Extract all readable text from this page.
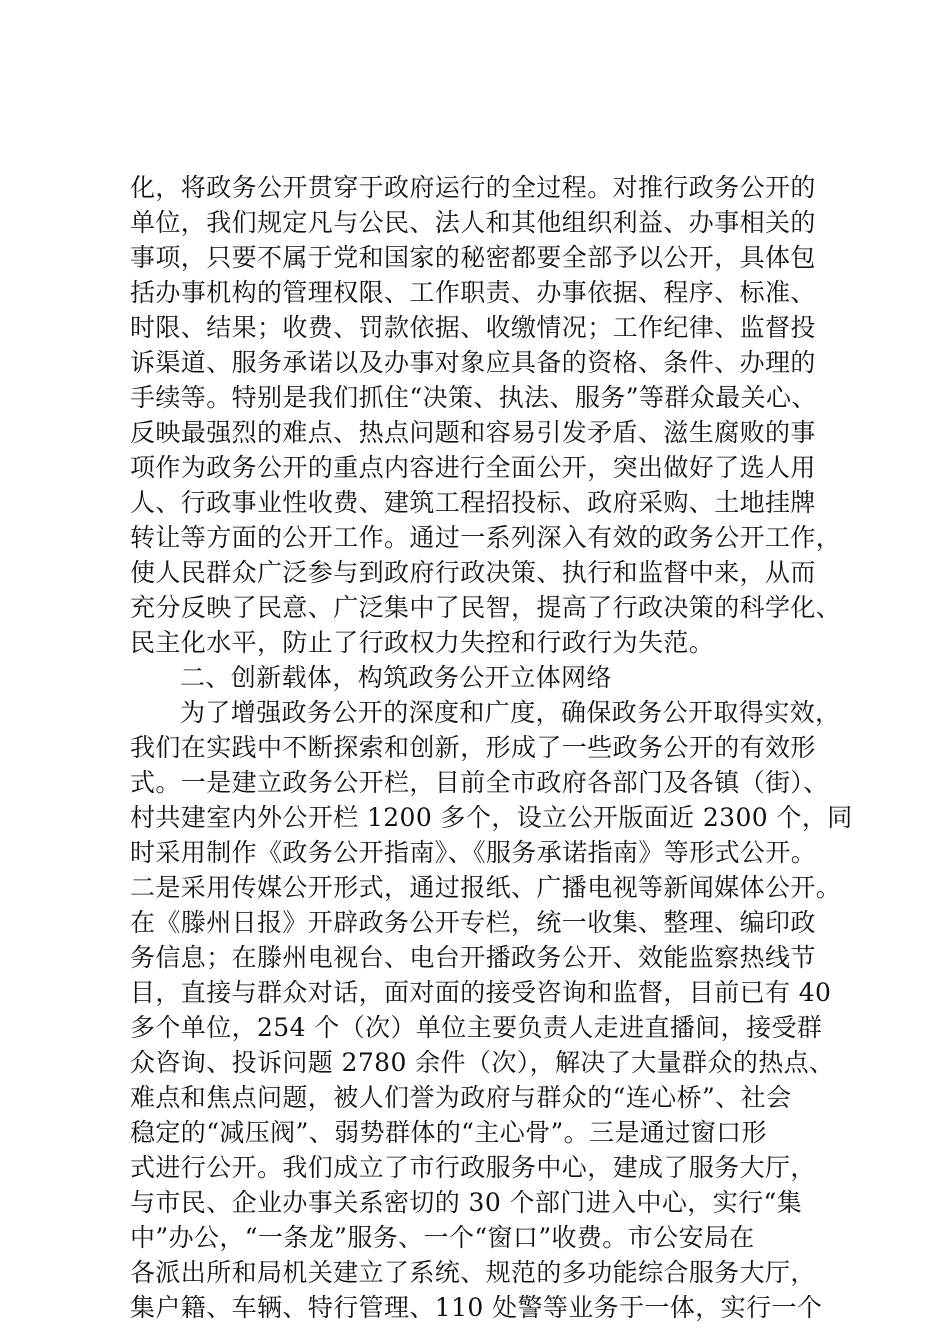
化，将政务公开贯穿于政府运行的全过程。对推行政务公开的
单位，我们规定凡与公民、法人和其他组织利益、办事相关的
事项，只要不属于党和国家的秘密都要全部予以公开，具体包
括办事机构的管理权限、工作职责、办事依据、程序、标准、
时限、结果；收费、罚款依据、收缴情况；工作纪律、监督投
诉渠道、服务承诺以及办事对象应具备的资格、条件、办理的
手续等。特别是我们抓住“决策、执法、服务”等群众最关心、
反映最强烈的难点、热点问题和容易引发矛盾、滋生腐败的事
项作为政务公开的重点内容进行全面公开，突出做好了选人用
人、行政事业性收费、建筑工程招投标、政府采购、土地挂牌
转让等方面的公开工作。通过一系列深入有效的政务公开工作，
使人民群众广泛参与到政府行政决策、执行和监督中来，从而
充分反映了民意、广泛集中了民智，提高了行政决策的科学化、
民主化水平，防止了行政权力失控和行政行为失范。
二、创新载体，构筑政务公开立体网络
为了增强政务公开的深度和广度，确保政务公开取得实效，
我们在实践中不断探索和创新，形成了一些政务公开的有效形
式。一是建立政务公开栏，目前全市政府各部门及各镇（街）、
村共建室内外公开栏 1200 多个，设立公开版面近 2300 个，同
时采用制作《政务公开指南》、《服务承诺指南》等形式公开。
二是采用传媒公开形式，通过报纸、广播电视等新闻媒体公开。
在《滕州日报》开辟政务公开专栏，统一收集、整理、编印政
务信息；在滕州电视台、电台开播政务公开、效能监察热线节
目，直接与群众对话，面对面的接受咨询和监督，目前已有 40
多个单位，254 个（次）单位主要负责人走进直播间，接受群
众咨询、投诉问题 2780 余件（次），解决了大量群众的热点、
难点和焦点问题，被人们誉为政府与群众的“连心桥”、社会
稳定的“减压阀”、弱势群体的“主心骨”。三是通过窗口形
式进行公开。我们成立了市行政服务中心，建成了服务大厅，
与市民、企业办事关系密切的 30 个部门进入中心，实行“集
中”办公，“一条龙”服务、一个“窗口”收费。市公安局在
各派出所和局机关建立了系统、规范的多功能综合服务大厅，
集户籍、车辆、特行管理、110 处警等业务于一体，实行一个
